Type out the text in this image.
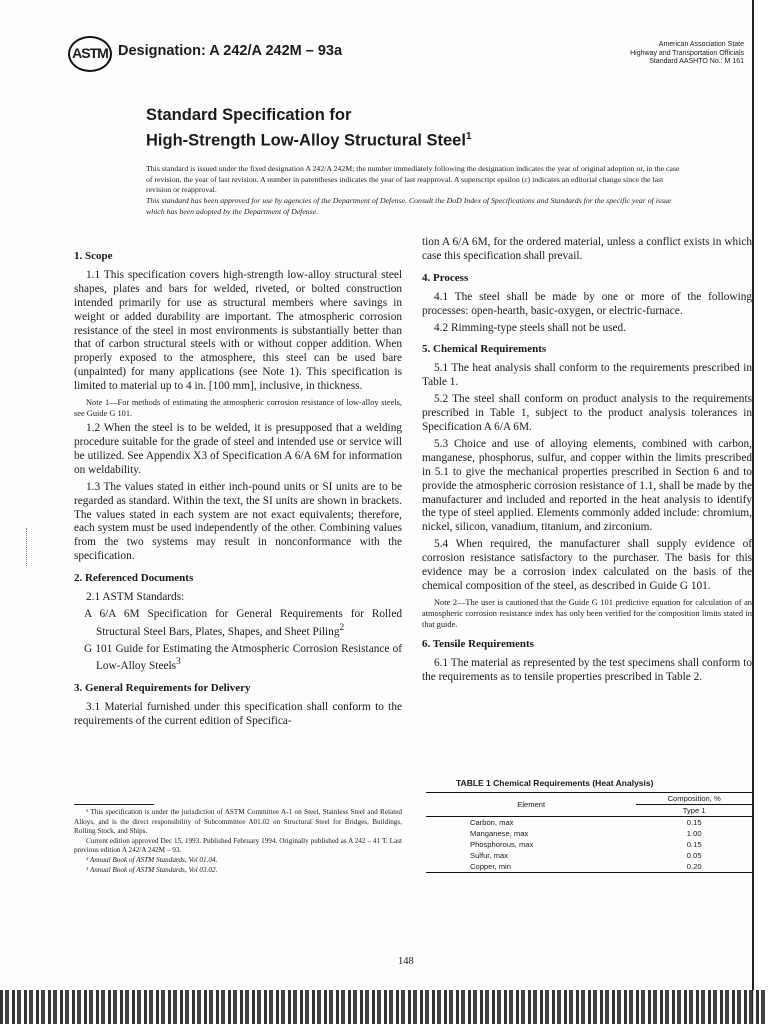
ASTM Designation: A 242/A 242M – 93a	American Association State
Highway and Transportation Officials
Standard AASHTO No.: M 161
Standard Specification for
High-Strength Low-Alloy Structural Steel$^1$
This standard is issued under the fixed designation A 242/A 242M; the number immediately following the designation indicates the year of original adoption or, in the case of revision, the year of last revision. A number in parentheses indicates the year of last reapproval. A superscript epsilon (ε) indicates an editorial change since the last revision or reapproval.
This standard has been approved for use by agencies of the Department of Defense. Consult the DoD Index of Specifications and Standards for the specific year of issue which has been adopted by the Department of Defense.
1. Scope

1.1 This specification covers high-strength low-alloy structural steel shapes, plates and bars for welded, riveted, or bolted construction intended primarily for use as structural members where savings in weight or added durability are important. The atmospheric corrosion resistance of the steel in most environments is substantially better than that of carbon structural steels with or without copper addition. When properly exposed to the atmosphere, this steel can be used bare (unpainted) for many applications (see Note 1). This specification is limited to material up to 4 in. [100 mm], inclusive, in thickness.

Note 1—For methods of estimating the atmospheric corrosion resistance of low-alloy steels, see Guide G 101.

1.2 When the steel is to be welded, it is presupposed that a welding procedure suitable for the grade of steel and intended use or service will be utilized. See Appendix X3 of Specification A 6/A 6M for information on weldability.

1.3 The values stated in either inch-pound units or SI units are to be regarded as standard. Within the text, the SI units are shown in brackets. The values stated in each system are not exact equivalents; therefore, each system must be used independently of the other. Combining values from the two systems may result in nonconformance with the specification.

2. Referenced Documents

2.1 ASTM Standards:

A 6/A 6M Specification for General Requirements for Rolled Structural Steel Bars, Plates, Shapes, and Sheet Piling$^2$

G 101 Guide for Estimating the Atmospheric Corrosion Resistance of Low-Alloy Steels$^3$

3. General Requirements for Delivery

3.1 Material furnished under this specification shall conform to the requirements of the current edition of Specifica-

¹ This specification is under the jurisdiction of ASTM Committee A-1 on Steel, Stainless Steel and Related Alloys, and is the direct responsibility of Subcommittee A01.02 on Structural Steel for Bridges, Buildings, Rolling Stock, and Ships.

Current edition approved Dec 15, 1993. Published February 1994. Originally published as A 242 – 41 T. Last previous edition A 242/A 242M – 93.

² Annual Book of ASTM Standards, Vol 01.04.

³ Annual Book of ASTM Standards, Vol 03.02.

tion A 6/A 6M, for the ordered material, unless a conflict exists in which case this specification shall prevail.

4. Process

4.1 The steel shall be made by one or more of the following processes: open-hearth, basic-oxygen, or electric-furnace.

4.2 Rimming-type steels shall not be used.

5. Chemical Requirements

5.1 The heat analysis shall conform to the requirements prescribed in Table 1.

5.2 The steel shall conform on product analysis to the requirements prescribed in Table 1, subject to the product analysis tolerances in Specification A 6/A 6M.

5.3 Choice and use of alloying elements, combined with carbon, manganese, phosphorus, sulfur, and copper within the limits prescribed in 5.1 to give the mechanical properties prescribed in Section 6 and to provide the atmospheric corrosion resistance of 1.1, shall be made by the manufacturer and included and reported in the heat analysis to identify the type of steel applied. Elements commonly added include: chromium, nickel, silicon, vanadium, titanium, and zirconium.

5.4 When required, the manufacturer shall supply evidence of corrosion resistance satisfactory to the purchaser. The basis for this evidence may be a corrosion index calculated on the basis of the chemical composition of the steel, as described in Guide G 101.

Note 2—The user is cautioned that the Guide G 101 predictive equation for calculation of an atmospheric corrosion resistance index has only been verified for the composition limits stated in that guide.

6. Tensile Requirements

6.1 The material as represented by the test specimens shall conform to the requirements as to tensile properties prescribed in Table 2.

TABLE 1 Chemical Requirements (Heat Analysis)
Element	Composition, %
	Type 1
Carbon, max	0.15
Manganese, max	1.00
Phosphorous, max	0.15
Sulfur, max	0.05
Copper, min	0.20
148
